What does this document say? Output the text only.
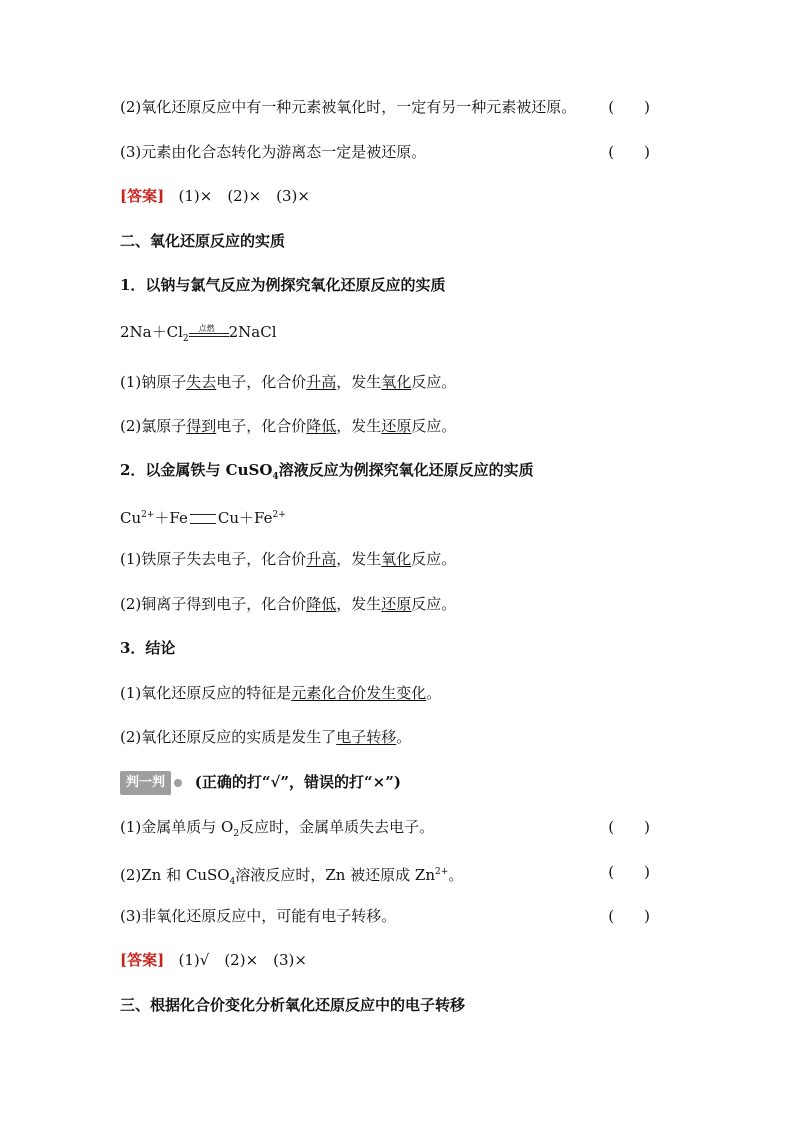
(2)氧化还原反应中有一种元素被氧化时，一定有另一种元素被还原。 (　　)
(3)元素由化合态转化为游离态一定是被还原。	(　　)
[答案] (1)×　(2)×　(3)×
二、氧化还原反应的实质
1．以钠与氯气反应为例探究氧化还原反应的实质
$2Na+Cl_2$
点燃 2NaCl
(1)钠原子失去电子，化合价升高，发生氧化反应。
(2)氯原子得到电子，化合价降低，发生还原反应。
2．以金属铁与 CuSO$_4$溶液反应为例探究氧化还原反应的实质
$Cu^{2+}+Fe$ $Cu+Fe^{2+}$
(1)铁原子失去电子，化合价升高，发生氧化反应。
(2)铜离子得到电子，化合价降低，发生还原反应。
3．结论
(1)氧化还原反应的特征是元素化合价发生变化。
(2)氧化还原反应的实质是发生了电子转移。
判一判 (正确的打“√”，错误的打“×”)
(1)金属单质与 $O_2$反应时，金属单质失去电子。	(　　)
(2)Zn 和 CuSO$_4$溶液反应时，Zn 被还原成 $Zn^{2+}$。	(　　)
(3)非氧化还原反应中，可能有电子转移。	(　　)
[答案] (1)√　(2)×　(3)×
三、根据化合价变化分析氧化还原反应中的电子转移
